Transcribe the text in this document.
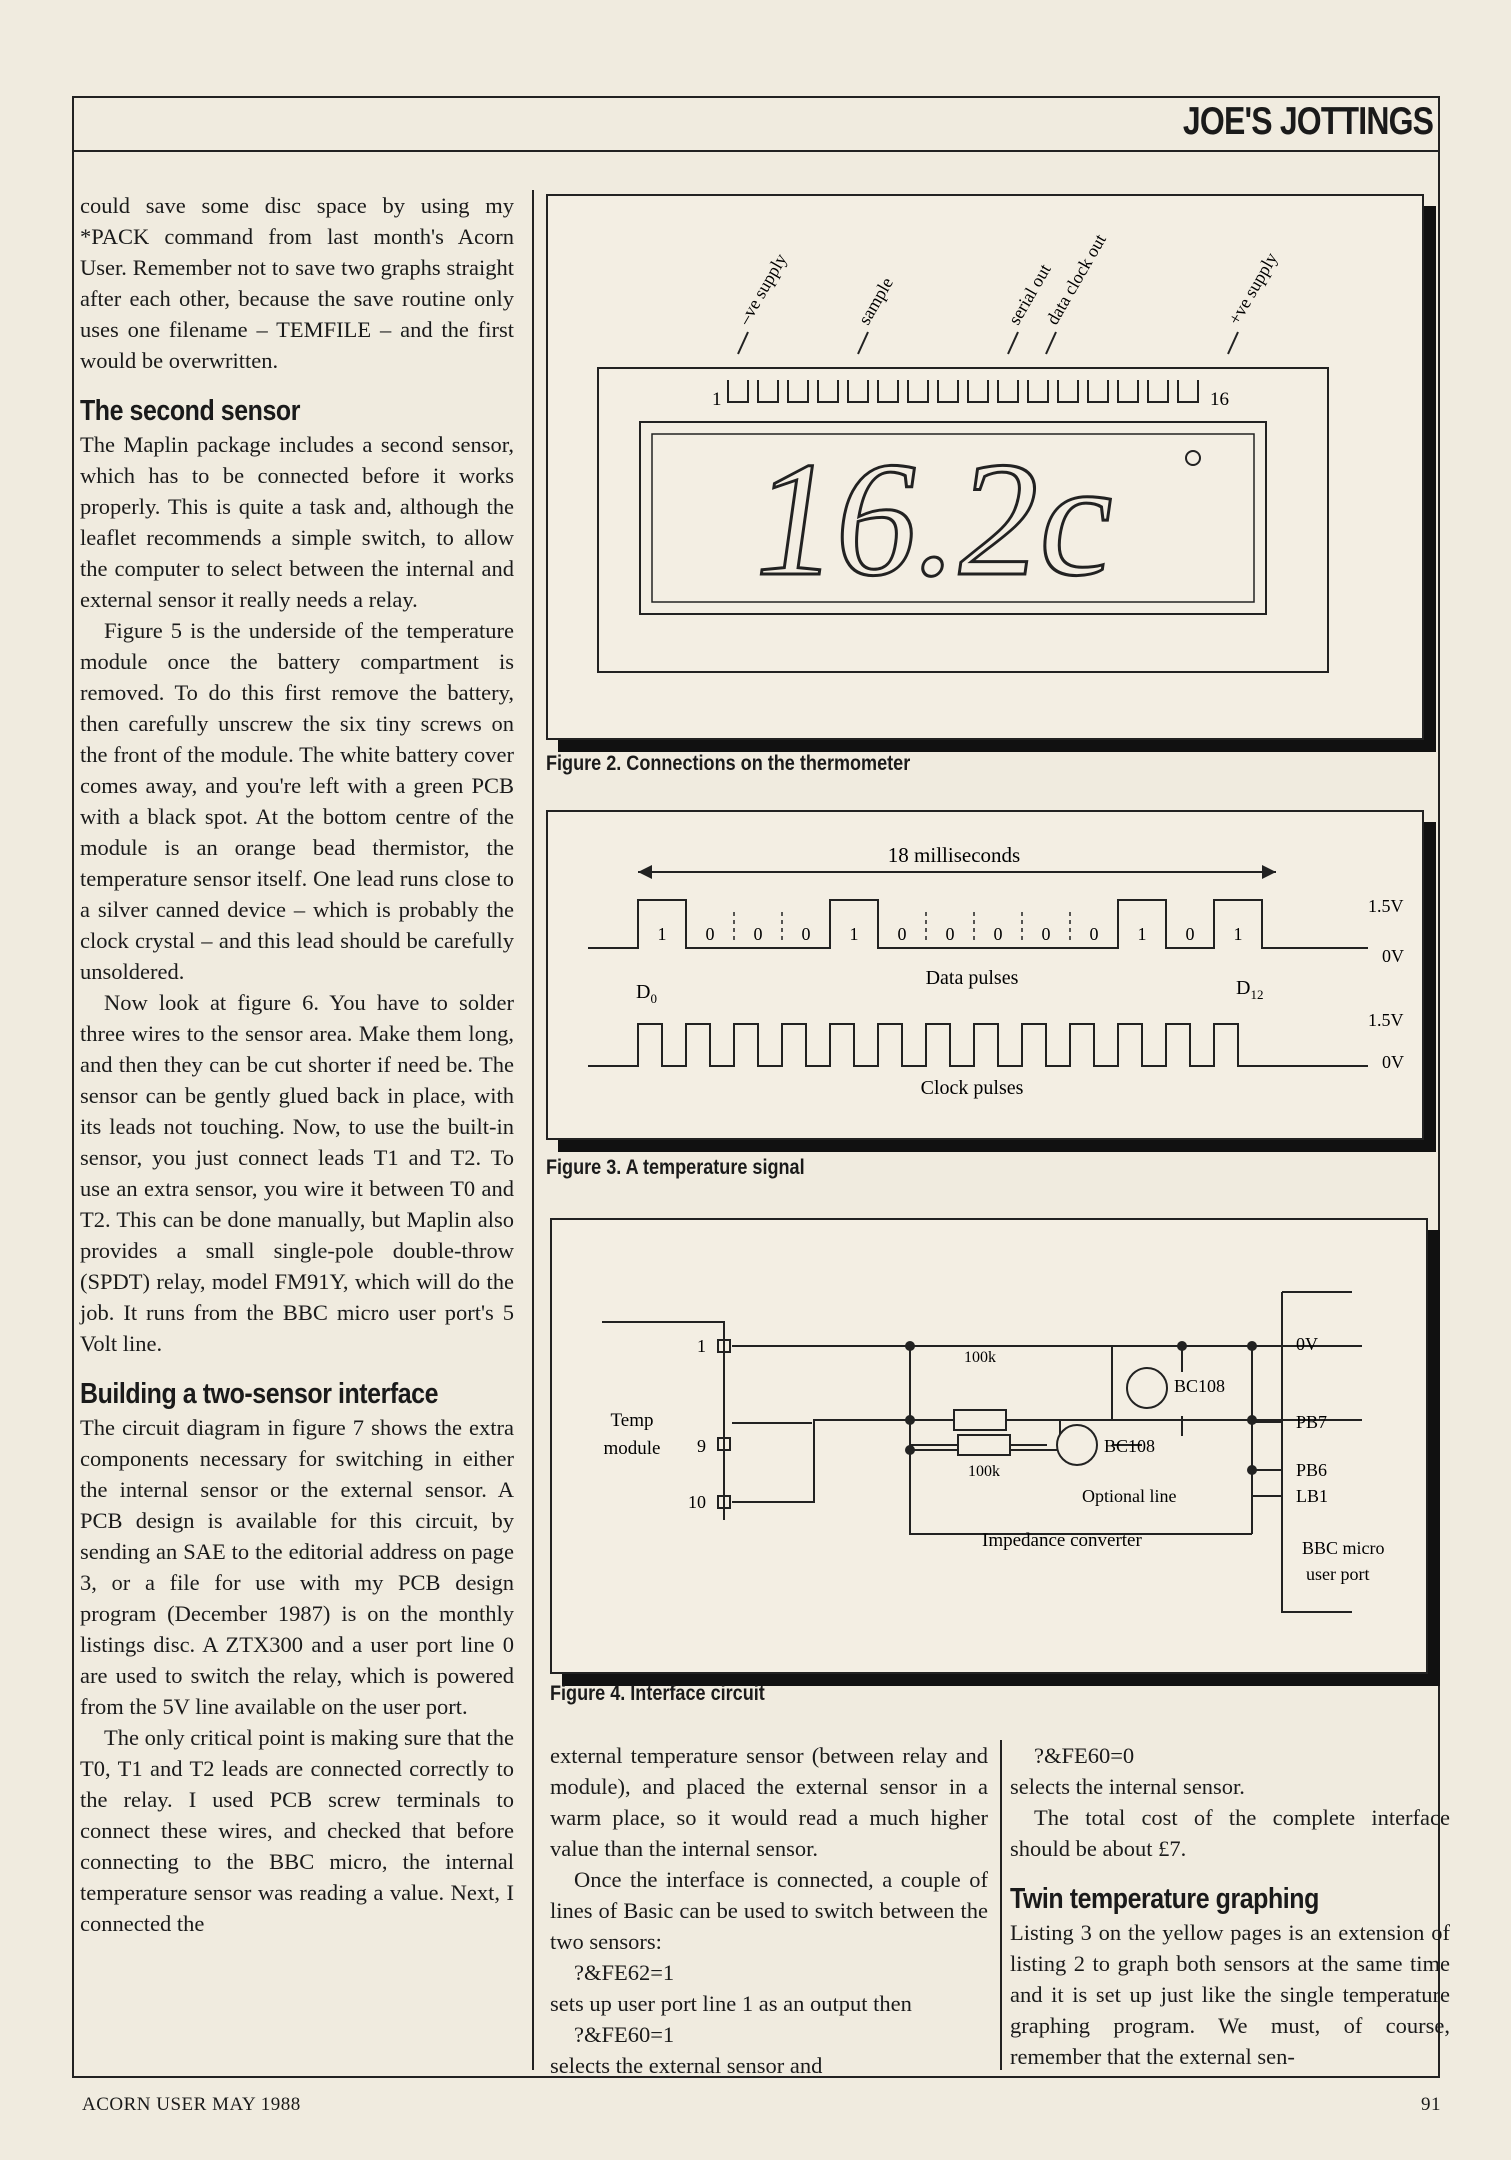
JOE'S JOTTINGS

could save some disc space by using my *PACK command from last month's Acorn User. Remember not to save two graphs straight after each other, because the save routine only uses one filename – TEMFILE – and the first would be overwritten.

The second sensor

The Maplin package includes a second sensor, which has to be connected before it works properly. This is quite a task and, although the leaflet recommends a simple switch, to allow the computer to select between the internal and external sensor it really needs a relay.

Figure 5 is the underside of the temperature module once the battery compartment is removed. To do this first remove the battery, then carefully unscrew the six tiny screws on the front of the module. The white battery cover comes away, and you're left with a green PCB with a black spot. At the bottom centre of the module is an orange bead thermistor, the temperature sensor itself. One lead runs close to a silver canned device – which is probably the clock crystal – and this lead should be carefully unsoldered.

Now look at figure 6. You have to solder three wires to the sensor area. Make them long, and then they can be cut shorter if need be. The sensor can be gently glued back in place, with its leads not touching. Now, to use the built-in sensor, you just connect leads T1 and T2. To use an extra sensor, you wire it between T0 and T2. This can be done manually, but Maplin also provides a small single-pole double-throw (SPDT) relay, model FM91Y, which will do the job. It runs from the BBC micro user port's 5 Volt line.

Building a two-sensor interface

The circuit diagram in figure 7 shows the extra components necessary for switching in either the internal sensor or the external sensor. A PCB design is available for this circuit, by sending an SAE to the editorial address on page 3, or a file for use with my PCB design program (December 1987) is on the monthly listings disc. A ZTX300 and a user port line 0 are used to switch the relay, which is powered from the 5V line available on the user port.

The only critical point is making sure that the T0, T1 and T2 leads are connected correctly to the relay. I used PCB screw terminals to connect these wires, and checked that before connecting to the BBC micro, the internal temperature sensor was reading a value. Next, I connected the

–ve supply	sample	serial out
data clock out	+ve supply
1	16
16.2c
Figure 2. Connections on the thermometer
18 milliseconds
1 0 0 0 1 0 0 0 0 0 1 0 1
Data pulses
Clock pulses
$D_0$	$D_{12}$
1.5V
0V
1.5V
0V
Figure 3. A temperature signal
1
9
10
Temp
module
100k
100k
BC108
BC108
0V
PB7
PB6
LB1
Optional line
Impedance converter	BBC micro
user port
Figure 4. Interface circuit

external temperature sensor (between relay and module), and placed the external sensor in a warm place, so it would read a much higher value than the internal sensor.

Once the interface is connected, a couple of lines of Basic can be used to switch between the two sensors:

?&FE62=1

sets up user port line 1 as an output then

?&FE60=1

selects the external sensor and

?&FE60=0

selects the internal sensor.

The total cost of the complete interface should be about £7.

Twin temperature graphing

Listing 3 on the yellow pages is an extension of listing 2 to graph both sensors at the same time and it is set up just like the single temperature graphing program. We must, of course, remember that the external sen-

ACORN USER MAY 1988	91
